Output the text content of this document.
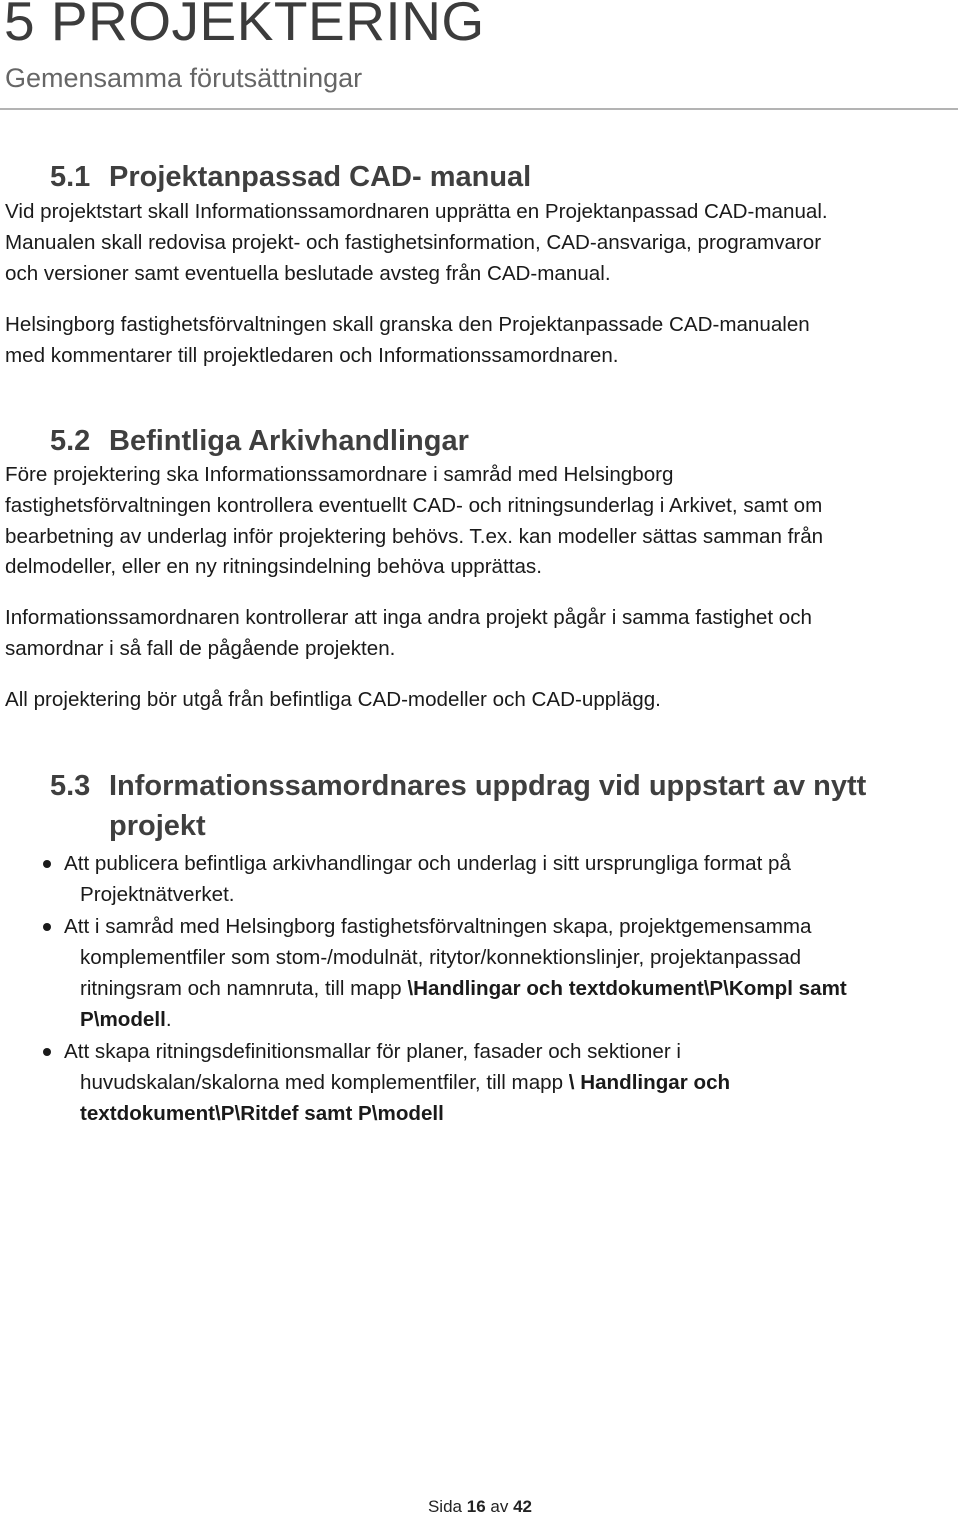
5 PROJEKTERING
Gemensamma förutsättningar
5.1 Projektanpassad CAD- manual

Vid projektstart skall Informationssamordnaren upprätta en Projektanpassad CAD-manual.
Manualen skall redovisa projekt- och fastighetsinformation, CAD-ansvariga, programvaror
och versioner samt eventuella beslutade avsteg från CAD-manual.

Helsingborg fastighetsförvaltningen skall granska den Projektanpassade CAD-manualen
med kommentarer till projektledaren och Informationssamordnaren.

5.2 Befintliga Arkivhandlingar

Före projektering ska Informationssamordnare i samråd med Helsingborg
fastighetsförvaltningen kontrollera eventuellt CAD- och ritningsunderlag i Arkivet, samt om
bearbetning av underlag inför projektering behövs. T.ex. kan modeller sättas samman från
delmodeller, eller en ny ritningsindelning behöva upprättas.

Informationssamordnaren kontrollerar att inga andra projekt pågår i samma fastighet och
samordnar i så fall de pågående projekten.

All projektering bör utgå från befintliga CAD-modeller och CAD-upplägg.

5.3 Informationssamordnares uppdrag vid uppstart av nytt
projekt
Att publicera befintliga arkivhandlingar och underlag i sitt ursprungliga format på
Projektnätverket.
Att i samråd med Helsingborg fastighetsförvaltningen skapa, projektgemensamma
komplementfiler som stom-/modulnät, ritytor/konnektionslinjer, projektanpassad
ritningsram och namnruta, till mapp \Handlingar och textdokument\P\Kompl samt
P\modell.
Att skapa ritningsdefinitionsmallar för planer, fasader och sektioner i
huvudskalan/skalorna med komplementfiler, till mapp \ Handlingar och
textdokument\P\Ritdef samt P\modell

Sida 16 av 42
